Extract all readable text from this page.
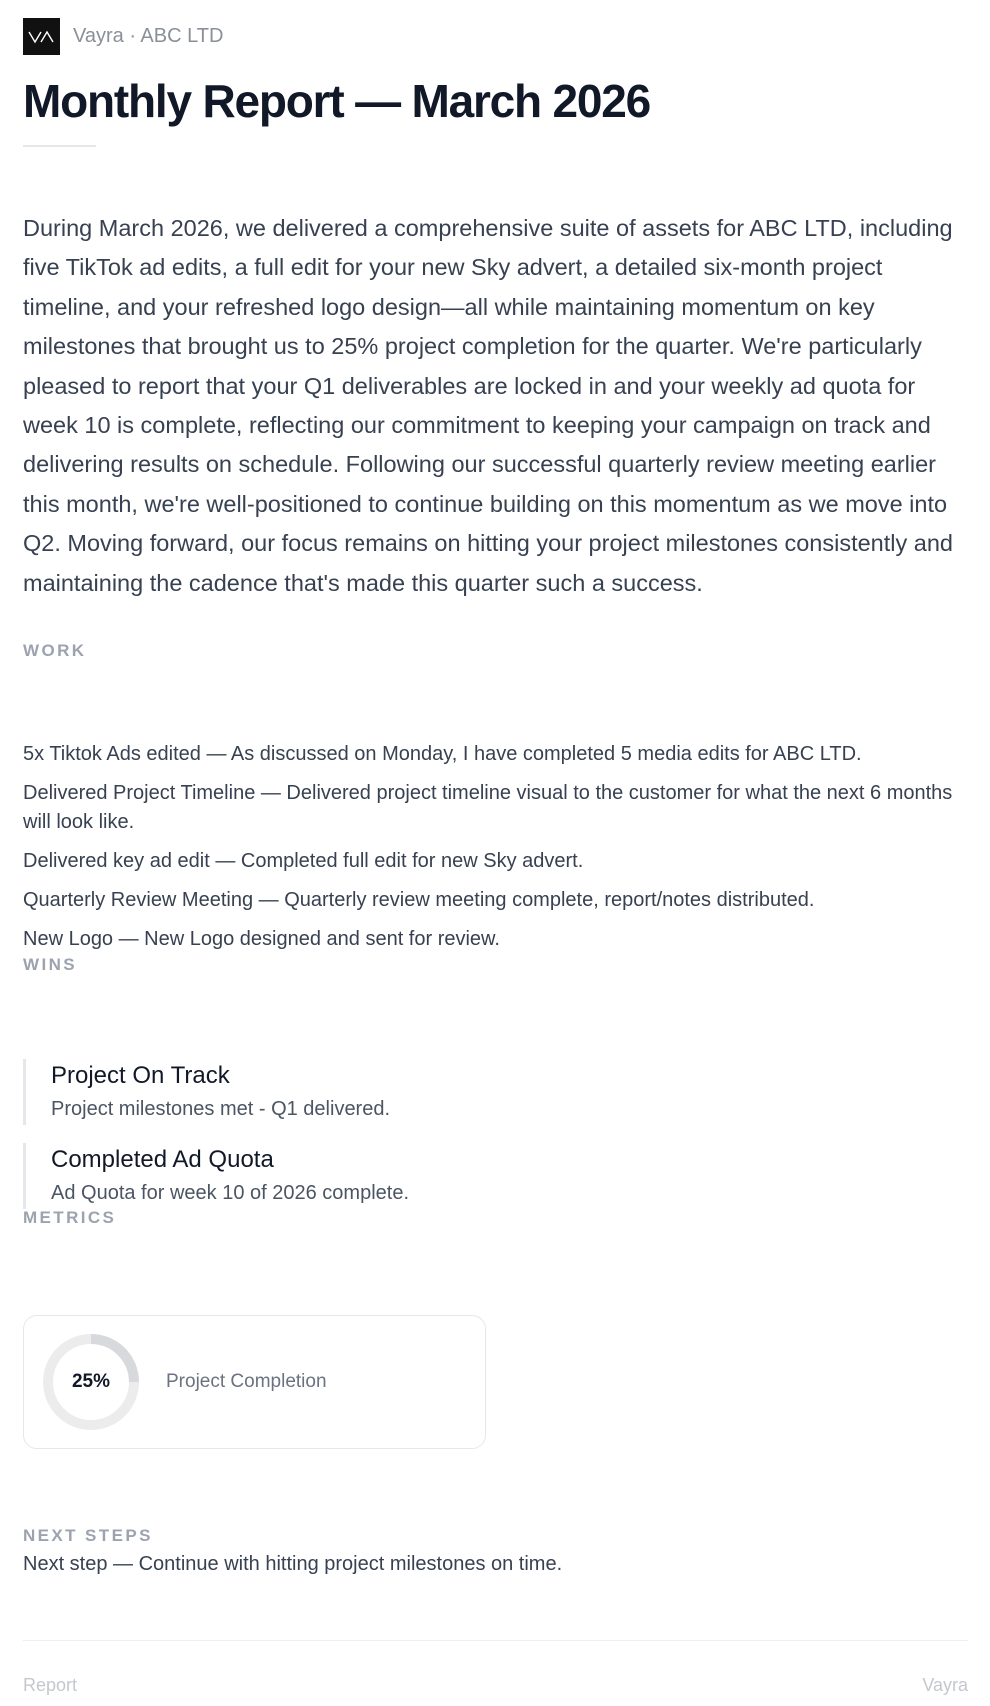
Vayra · ABC LTD
Monthly Report — March 2026

During March 2026, we delivered a comprehensive suite of assets for ABC LTD, including five TikTok ad edits, a full edit for your new Sky advert, a detailed six-month project timeline, and your refreshed logo design—all while maintaining momentum on key milestones that brought us to 25% project completion for the quarter. We're particularly pleased to report that your Q1 deliverables are locked in and your weekly ad quota for week 10 is complete, reflecting our commitment to keeping your campaign on track and delivering results on schedule. Following our successful quarterly review meeting earlier this month, we're well-positioned to continue building on this momentum as we move into Q2. Moving forward, our focus remains on hitting your project milestones consistently and maintaining the cadence that's made this quarter such a success.

WORK
5x Tiktok Ads edited — As discussed on Monday, I have completed 5 media edits for ABC LTD.
Delivered Project Timeline — Delivered project timeline visual to the customer for what the next 6 months will look like.
Delivered key ad edit — Completed full edit for new Sky advert.
Quarterly Review Meeting — Quarterly review meeting complete, report/notes distributed.
New Logo — New Logo designed and sent for review.
WINS
Project On Track
Project milestones met - Q1 delivered.
Completed Ad Quota
Ad Quota for week 10 of 2026 complete.
METRICS
25%	Project Completion
NEXT STEPS
Next step — Continue with hitting project milestones on time.
Report	Vayra
